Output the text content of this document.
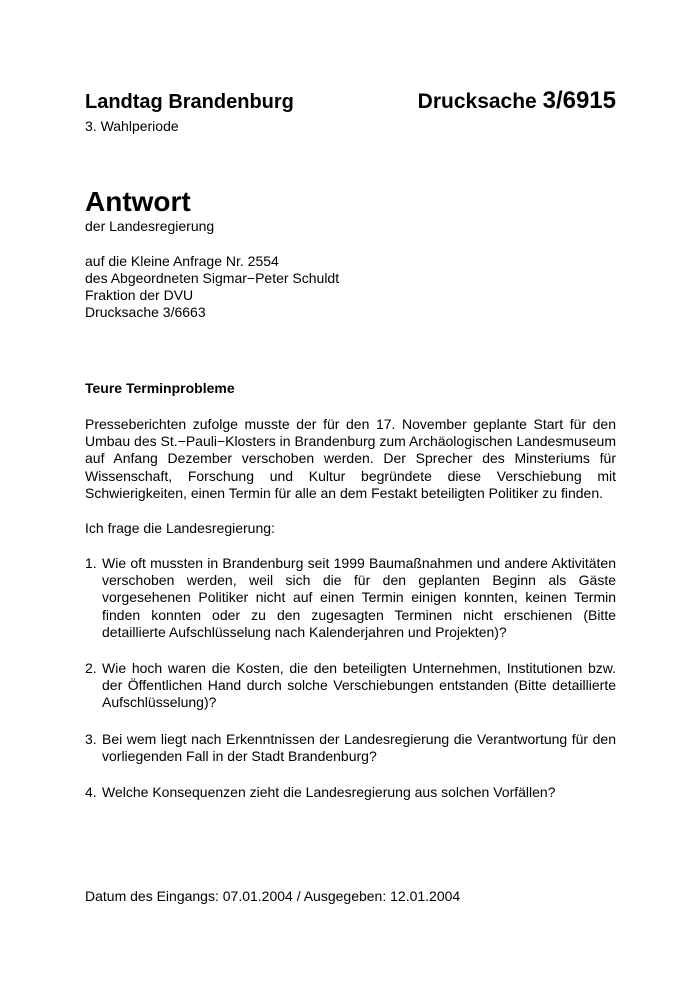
Landtag Brandenburg	Drucksache 3/6915
3. Wahlperiode
Antwort
der Landesregierung
auf die Kleine Anfrage Nr. 2554
des Abgeordneten Sigmar−Peter Schuldt
Fraktion der DVU
Drucksache 3/6663
Teure Terminprobleme

Presseberichten zufolge musste der für den 17. November geplante Start für den Umbau des St.−Pauli−Klosters in Brandenburg zum Archäologischen Landesmuseum auf Anfang Dezember verschoben werden. Der Sprecher des Minsteriums für Wissenschaft, Forschung und Kultur begründete diese Verschiebung mit Schwierigkeiten, einen Termin für alle an dem Festakt beteiligten Politiker zu finden.

Ich frage die Landesregierung:
1. Wie oft mussten in Brandenburg seit 1999 Baumaßnahmen und andere Aktivitäten verschoben werden, weil sich die für den geplanten Beginn als Gäste vorgesehenen Politiker nicht auf einen Termin einigen konnten, keinen Termin finden konnten oder zu den zugesagten Terminen nicht erschienen (Bitte detaillierte Aufschlüsselung nach Kalenderjahren und Projekten)?
2. Wie hoch waren die Kosten, die den beteiligten Unternehmen, Institutionen bzw. der Öffentlichen Hand durch solche Verschiebungen entstanden (Bitte detaillierte Aufschlüsselung)?
3. Bei wem liegt nach Erkenntnissen der Landesregierung die Verantwortung für den vorliegenden Fall in der Stadt Brandenburg?
4. Welche Konsequenzen zieht die Landesregierung aus solchen Vorfällen?
Datum des Eingangs: 07.01.2004 / Ausgegeben: 12.01.2004
